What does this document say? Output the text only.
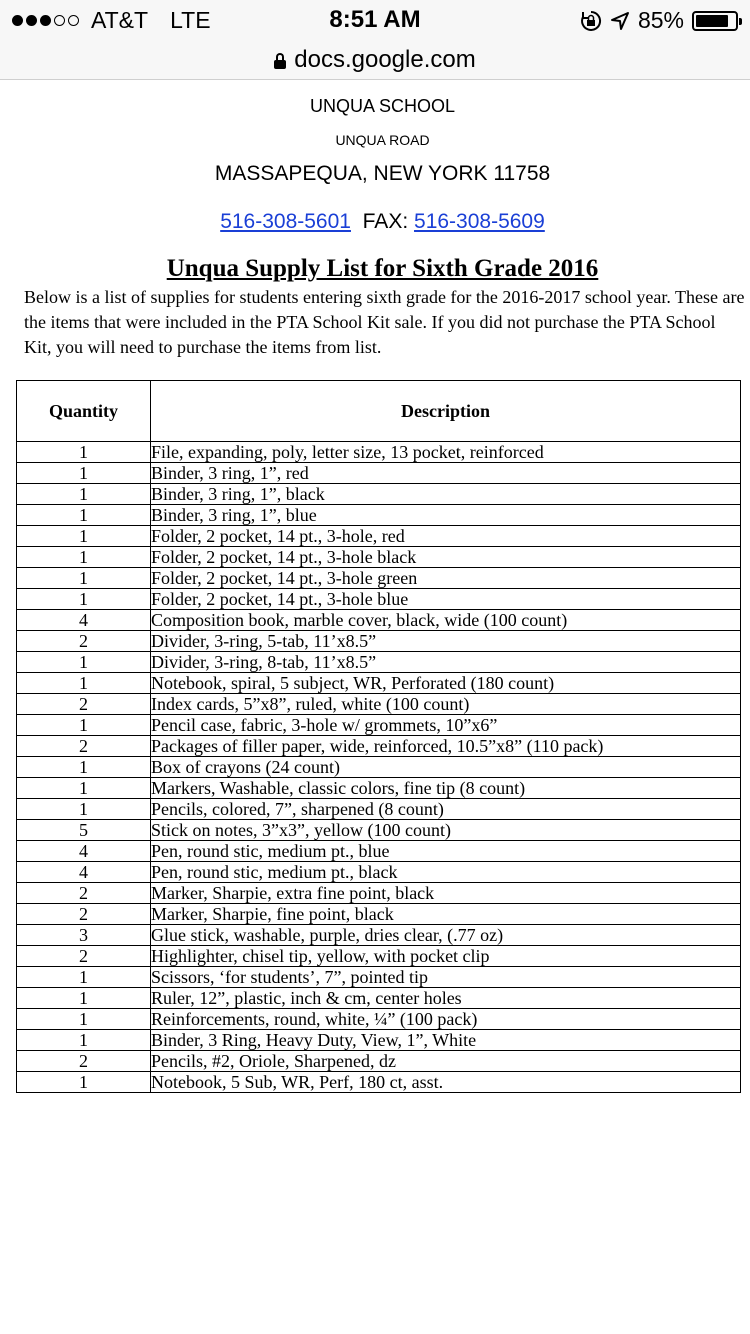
AT&T LTE	8:51 AM	85%
docs.google.com
UNQUA SCHOOL
UNQUA ROAD
MASSAPEQUA, NEW YORK 11758
516-308-5601 FAX: 516-308-5609
Unqua Supply List for Sixth Grade 2016
Below is a list of supplies for students entering sixth grade for the 2016-2017 school year. These are the items that were included in the PTA School Kit sale. If you did not purchase the PTA School Kit, you will need to purchase the items from list.
Quantity	Description
1	File, expanding, poly, letter size, 13 pocket, reinforced
1	Binder, 3 ring, 1”, red
1	Binder, 3 ring, 1”, black
1	Binder, 3 ring, 1”, blue
1	Folder, 2 pocket, 14 pt., 3-hole, red
1	Folder, 2 pocket, 14 pt., 3-hole black
1	Folder, 2 pocket, 14 pt., 3-hole green
1	Folder, 2 pocket, 14 pt., 3-hole blue
4	Composition book, marble cover, black, wide (100 count)
2	Divider, 3-ring, 5-tab, 11’x8.5”
1	Divider, 3-ring, 8-tab, 11’x8.5”
1	Notebook, spiral, 5 subject, WR, Perforated (180 count)
2	Index cards, 5”x8”, ruled, white (100 count)
1	Pencil case, fabric, 3-hole w/ grommets, 10”x6”
2	Packages of filler paper, wide, reinforced, 10.5”x8” (110 pack)
1	Box of crayons (24 count)
1	Markers, Washable, classic colors, fine tip (8 count)
1	Pencils, colored, 7”, sharpened (8 count)
5	Stick on notes, 3”x3”, yellow (100 count)
4	Pen, round stic, medium pt., blue
4	Pen, round stic, medium pt., black
2	Marker, Sharpie, extra fine point, black
2	Marker, Sharpie, fine point, black
3	Glue stick, washable, purple, dries clear, (.77 oz)
2	Highlighter, chisel tip, yellow, with pocket clip
1	Scissors, ‘for students’, 7”, pointed tip
1	Ruler, 12”, plastic, inch & cm, center holes
1	Reinforcements, round, white, ¼” (100 pack)
1	Binder, 3 Ring, Heavy Duty, View, 1”, White
2	Pencils, #2, Oriole, Sharpened, dz
1	Notebook, 5 Sub, WR, Perf, 180 ct, asst.
